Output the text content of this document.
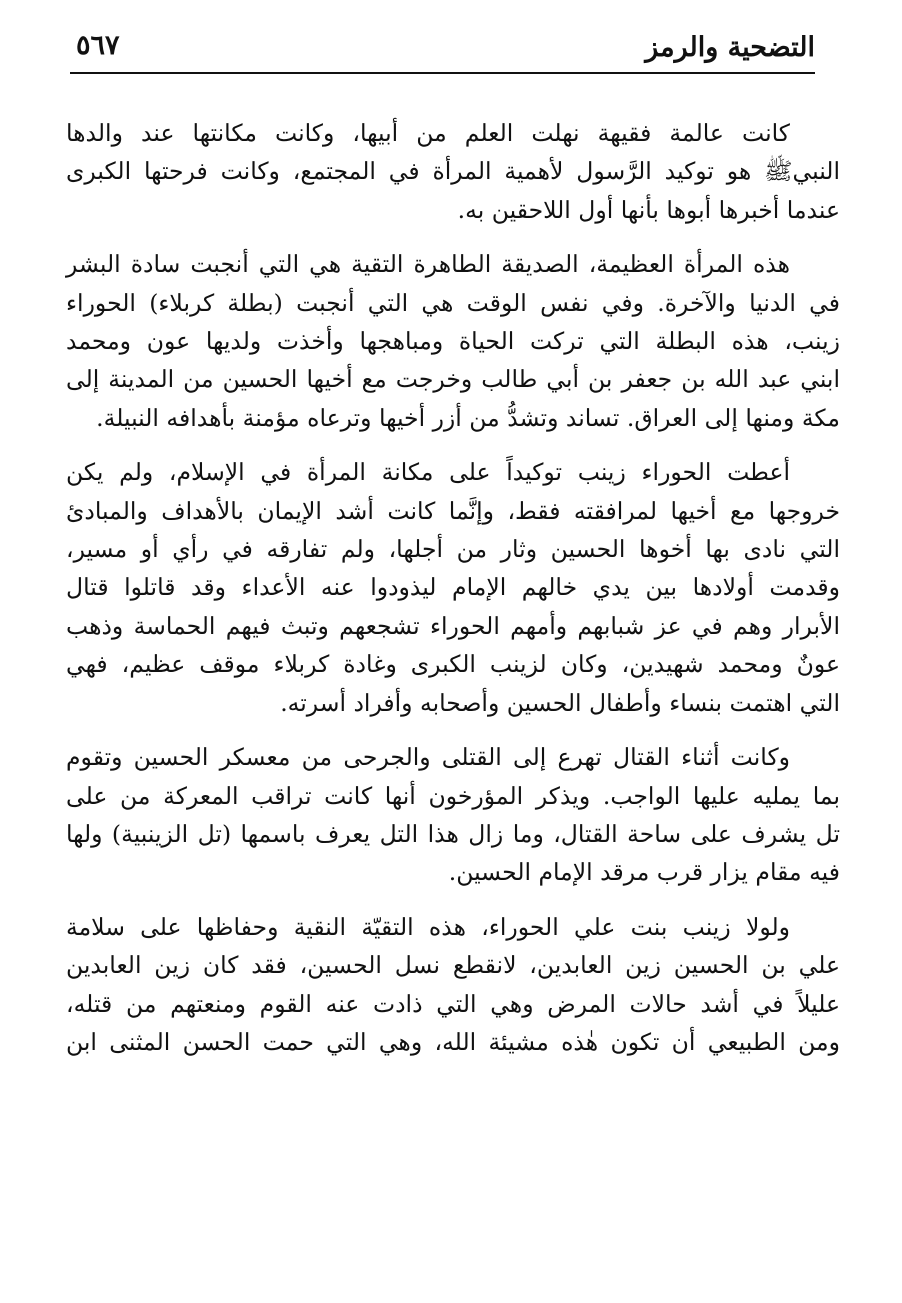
التضحية والرمز
٥٦٧

كانت عالمة فقيهة نهلت العلم من أبيها، وكانت مكانتها عند والدها
النبيﷺ هو توكيد الرَّسول لأهمية المرأة في المجتمع، وكانت فرحتها الكبرى
عندما أخبرها أبوها بأنها أول اللاحقين به.

هذه المرأة العظيمة، الصديقة الطاهرة التقية هي التي أنجبت سادة البشر
في الدنيا والآخرة. وفي نفس الوقت هي التي أنجبت (بطلة كربلاء) الحوراء
زينب، هذه البطلة التي تركت الحياة ومباهجها وأخذت ولديها عون ومحمد
ابني عبد الله بن جعفر بن أبي طالب وخرجت مع أخيها الحسين من المدينة إلى
مكة ومنها إلى العراق. تساند وتشدُّ من أزر أخيها وترعاه مؤمنة بأهدافه النبيلة.

أعطت الحوراء زينب توكيداً على مكانة المرأة في الإسلام، ولم يكن
خروجها مع أخيها لمرافقته فقط، وإنَّما كانت أشد الإيمان بالأهداف والمبادئ
التي نادى بها أخوها الحسين وثار من أجلها، ولم تفارقه في رأي أو مسير،
وقدمت أولادها بين يدي خالهم الإمام ليذودوا عنه الأعداء وقد قاتلوا قتال
الأبرار وهم في عز شبابهم وأمهم الحوراء تشجعهم وتبث فيهم الحماسة وذهب
عونٌ ومحمد شهيدين، وكان لزينب الكبرى وغادة كربلاء موقف عظيم، فهي
التي اهتمت بنساء وأطفال الحسين وأصحابه وأفراد أسرته.

وكانت أثناء القتال تهرع إلى القتلى والجرحى من معسكر الحسين وتقوم
بما يمليه عليها الواجب. ويذكر المؤرخون أنها كانت تراقب المعركة من على
تل يشرف على ساحة القتال، وما زال هذا التل يعرف باسمها (تل الزينبية) ولها
فيه مقام يزار قرب مرقد الإمام الحسين.

ولولا زينب بنت علي الحوراء، هذه التقيّة النقية وحفاظها على سلامة
علي بن الحسين زين العابدين، لانقطع نسل الحسين، فقد كان زين العابدين
عليلاً في أشد حالات المرض وهي التي ذادت عنه القوم ومنعتهم من قتله،
ومن الطبيعي أن تكون هٰذه مشيئة الله، وهي التي حمت الحسن المثنى ابن
